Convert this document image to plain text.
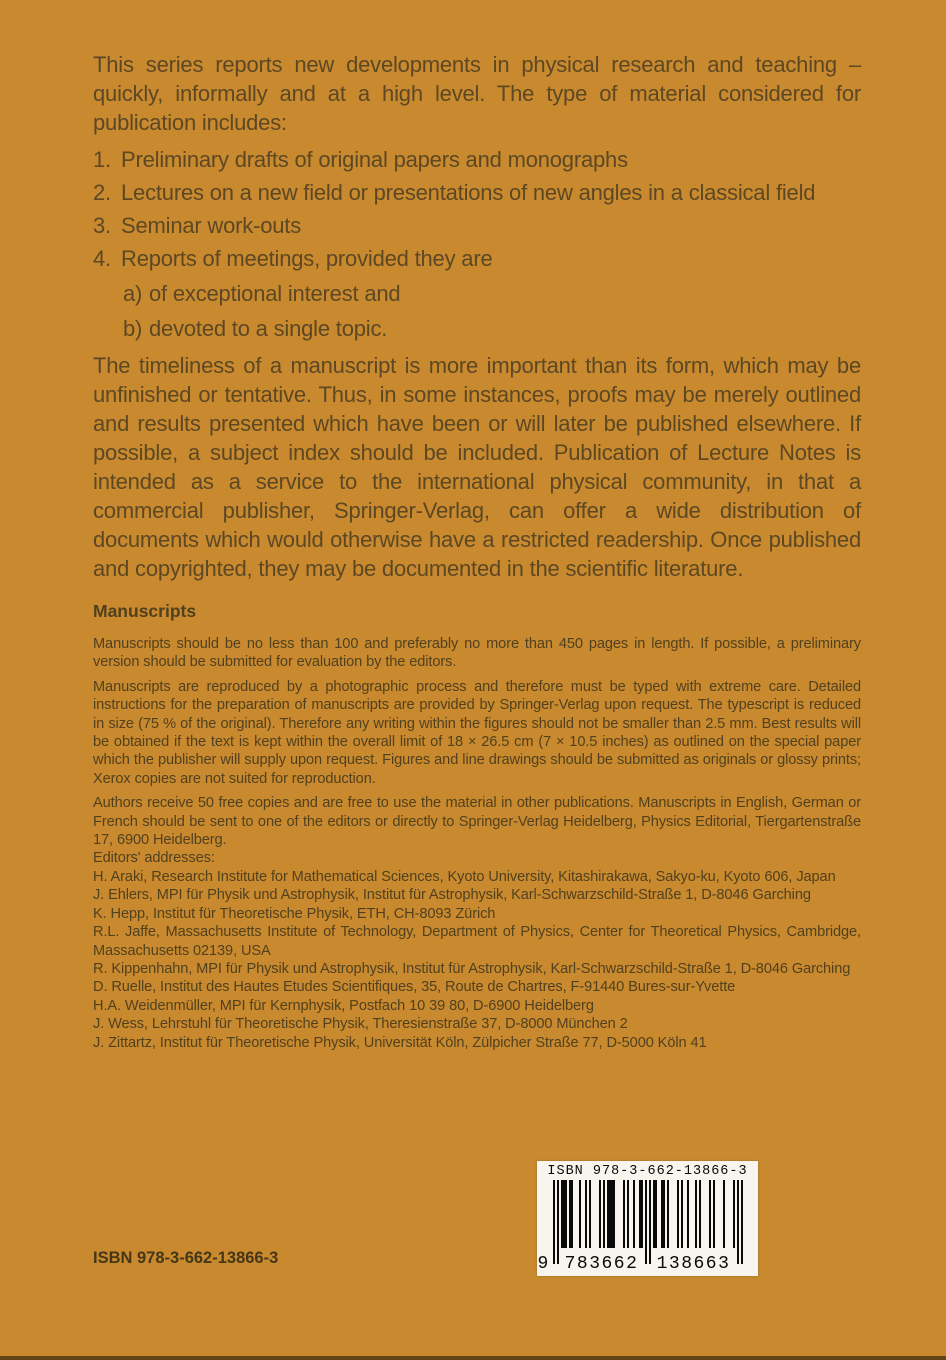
This series reports new developments in physical research and teaching – quickly, informally and at a high level. The type of material considered for publication includes:

1. Preliminary drafts of original papers and monographs
2. Lectures on a new field or presentations of new angles in a classical field
3. Seminar work-outs
4. Reports of meetings, provided they are
a) of exceptional interest and
b) devoted to a single topic.

The timeliness of a manuscript is more important than its form, which may be unfinished or tentative. Thus, in some instances, proofs may be merely outlined and results presented which have been or will later be published elsewhere. If possible, a subject index should be included. Publication of Lecture Notes is intended as a service to the international physical community, in that a commercial publisher, Springer-Verlag, can offer a wide distribution of documents which would otherwise have a restricted readership. Once published and copyrighted, they may be documented in the scientific literature.

Manuscripts

Manuscripts should be no less than 100 and preferably no more than 450 pages in length. If possible, a preliminary version should be submitted for evaluation by the editors.

Manuscripts are reproduced by a photographic process and therefore must be typed with extreme care. Detailed instructions for the preparation of manuscripts are provided by Springer-Verlag upon request. The typescript is reduced in size (75 % of the original). Therefore any writing within the figures should not be smaller than 2.5 mm. Best results will be obtained if the text is kept within the overall limit of 18 × 26.5 cm (7 × 10.5 inches) as outlined on the special paper which the publisher will supply upon request. Figures and line drawings should be submitted as originals or glossy prints; Xerox copies are not suited for reproduction.

Authors receive 50 free copies and are free to use the material in other publications. Manuscripts in English, German or French should be sent to one of the editors or directly to Springer-Verlag Heidelberg, Physics Editorial, Tiergartenstraße 17, 6900 Heidelberg.

Editors' addresses:

H. Araki, Research Institute for Mathematical Sciences, Kyoto University, Kitashirakawa, Sakyo-ku, Kyoto 606, Japan

J. Ehlers, MPI für Physik und Astrophysik, Institut für Astrophysik, Karl-Schwarzschild-Straße 1, D-8046 Garching

K. Hepp, Institut für Theoretische Physik, ETH, CH-8093 Zürich

R.L. Jaffe, Massachusetts Institute of Technology, Department of Physics, Center for Theoretical Physics, Cambridge, Massachusetts 02139, USA

R. Kippenhahn, MPI für Physik und Astrophysik, Institut für Astrophysik, Karl-Schwarzschild-Straße 1, D-8046 Garching

D. Ruelle, Institut des Hautes Etudes Scientifiques, 35, Route de Chartres, F-91440 Bures-sur-Yvette

H.A. Weidenmüller, MPI für Kernphysik, Postfach 10 39 80, D-6900 Heidelberg

J. Wess, Lehrstuhl für Theoretische Physik, Theresienstraße 37, D-8000 München 2

J. Zittartz, Institut für Theoretische Physik, Universität Köln, Zülpicher Straße 77, D-5000 Köln 41

ISBN 978-3-662-13866-3
9 783662 138663
ISBN 978-3-662-13866-3
